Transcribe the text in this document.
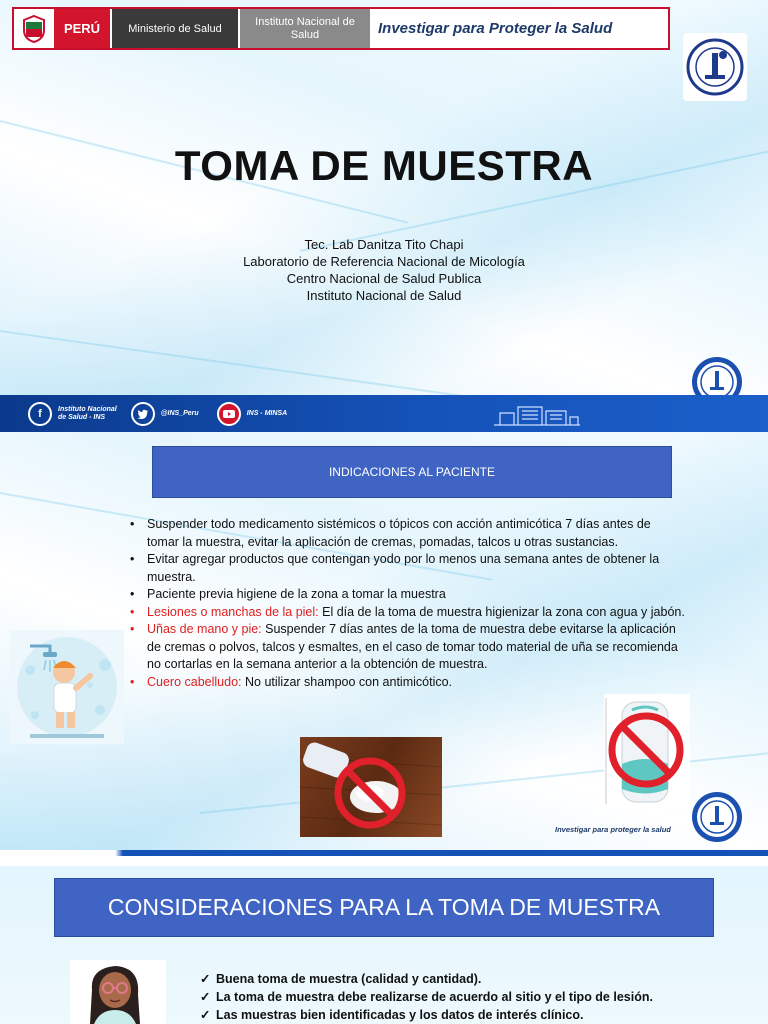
PERÚ	Ministerio de Salud
Instituto Nacional de Salud	Investigar para Proteger la Salud
TOMA DE MUESTRA
Tec. Lab Danitza Tito Chapi
Laboratorio de Referencia Nacional de Micología
Centro Nacional de Salud Publica
Instituto Nacional de Salud
f	Instituto Nacional
de Salud - INS
@INS_Peru	INS - MINSA
INDICACIONES AL PACIENTE
• Suspender todo medicamento sistémicos o tópicos con acción antimicótica 7 días antes de tomar la muestra, evitar la aplicación de cremas, pomadas, talcos u otras sustancias.
• Evitar agregar productos que contengan yodo por lo menos una semana antes de obtener la muestra.
• Paciente previa higiene de la zona a tomar la muestra
• Lesiones o manchas de la piel: El día de la toma de muestra higienizar la zona con agua y jabón.
• Uñas de mano y pie: Suspender 7 días antes de la toma de muestra debe evitarse la aplicación de cremas o polvos, talcos y esmaltes, en el caso de tomar todo material de uña se recomienda no cortarlas en la semana anterior a la obtención de muestra.
• Cuero cabelludo: No utilizar shampoo con antimicótico.
Investigar para proteger la salud
CONSIDERACIONES PARA LA TOMA DE MUESTRA
✓ Buena toma de muestra (calidad y cantidad).
✓ La toma de muestra debe realizarse de acuerdo al sitio y el tipo de lesión.
✓ Las muestras bien identificadas y los datos de interés clínico.
